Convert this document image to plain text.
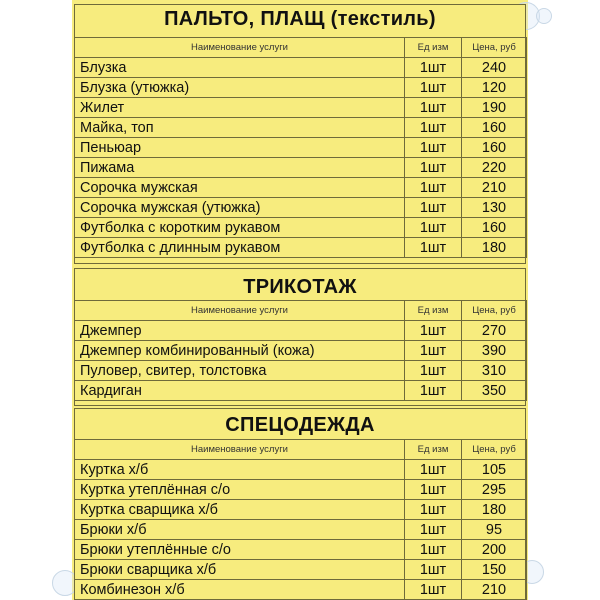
ПАЛЬТО, ПЛАЩ (текстиль)
Наименование услуги	Ед изм	Цена, руб
Блузка	1шт	240
Блузка (утюжка)	1шт	120
Жилет	1шт	190
Майка, топ	1шт	160
Пеньюар	1шт	160
Пижама	1шт	220
Сорочка мужская	1шт	210
Сорочка мужская (утюжка)	1шт	130
Футболка с коротким рукавом	1шт	160
Футболка с длинным рукавом	1шт	180
ТРИКОТАЖ
Наименование услуги	Ед изм	Цена, руб
Джемпер	1шт	270
Джемпер комбинированный (кожа)	1шт	390
Пуловер, свитер, толстовка	1шт	310
Кардиган	1шт	350
СПЕЦОДЕЖДА
Наименование услуги	Ед изм	Цена, руб
Куртка х/б	1шт	105
Куртка утеплённая с/о	1шт	295
Куртка сварщика х/б	1шт	180
Брюки х/б	1шт	95
Брюки утеплённые с/о	1шт	200
Брюки сварщика х/б	1шт	150
Комбинезон х/б	1шт	210
